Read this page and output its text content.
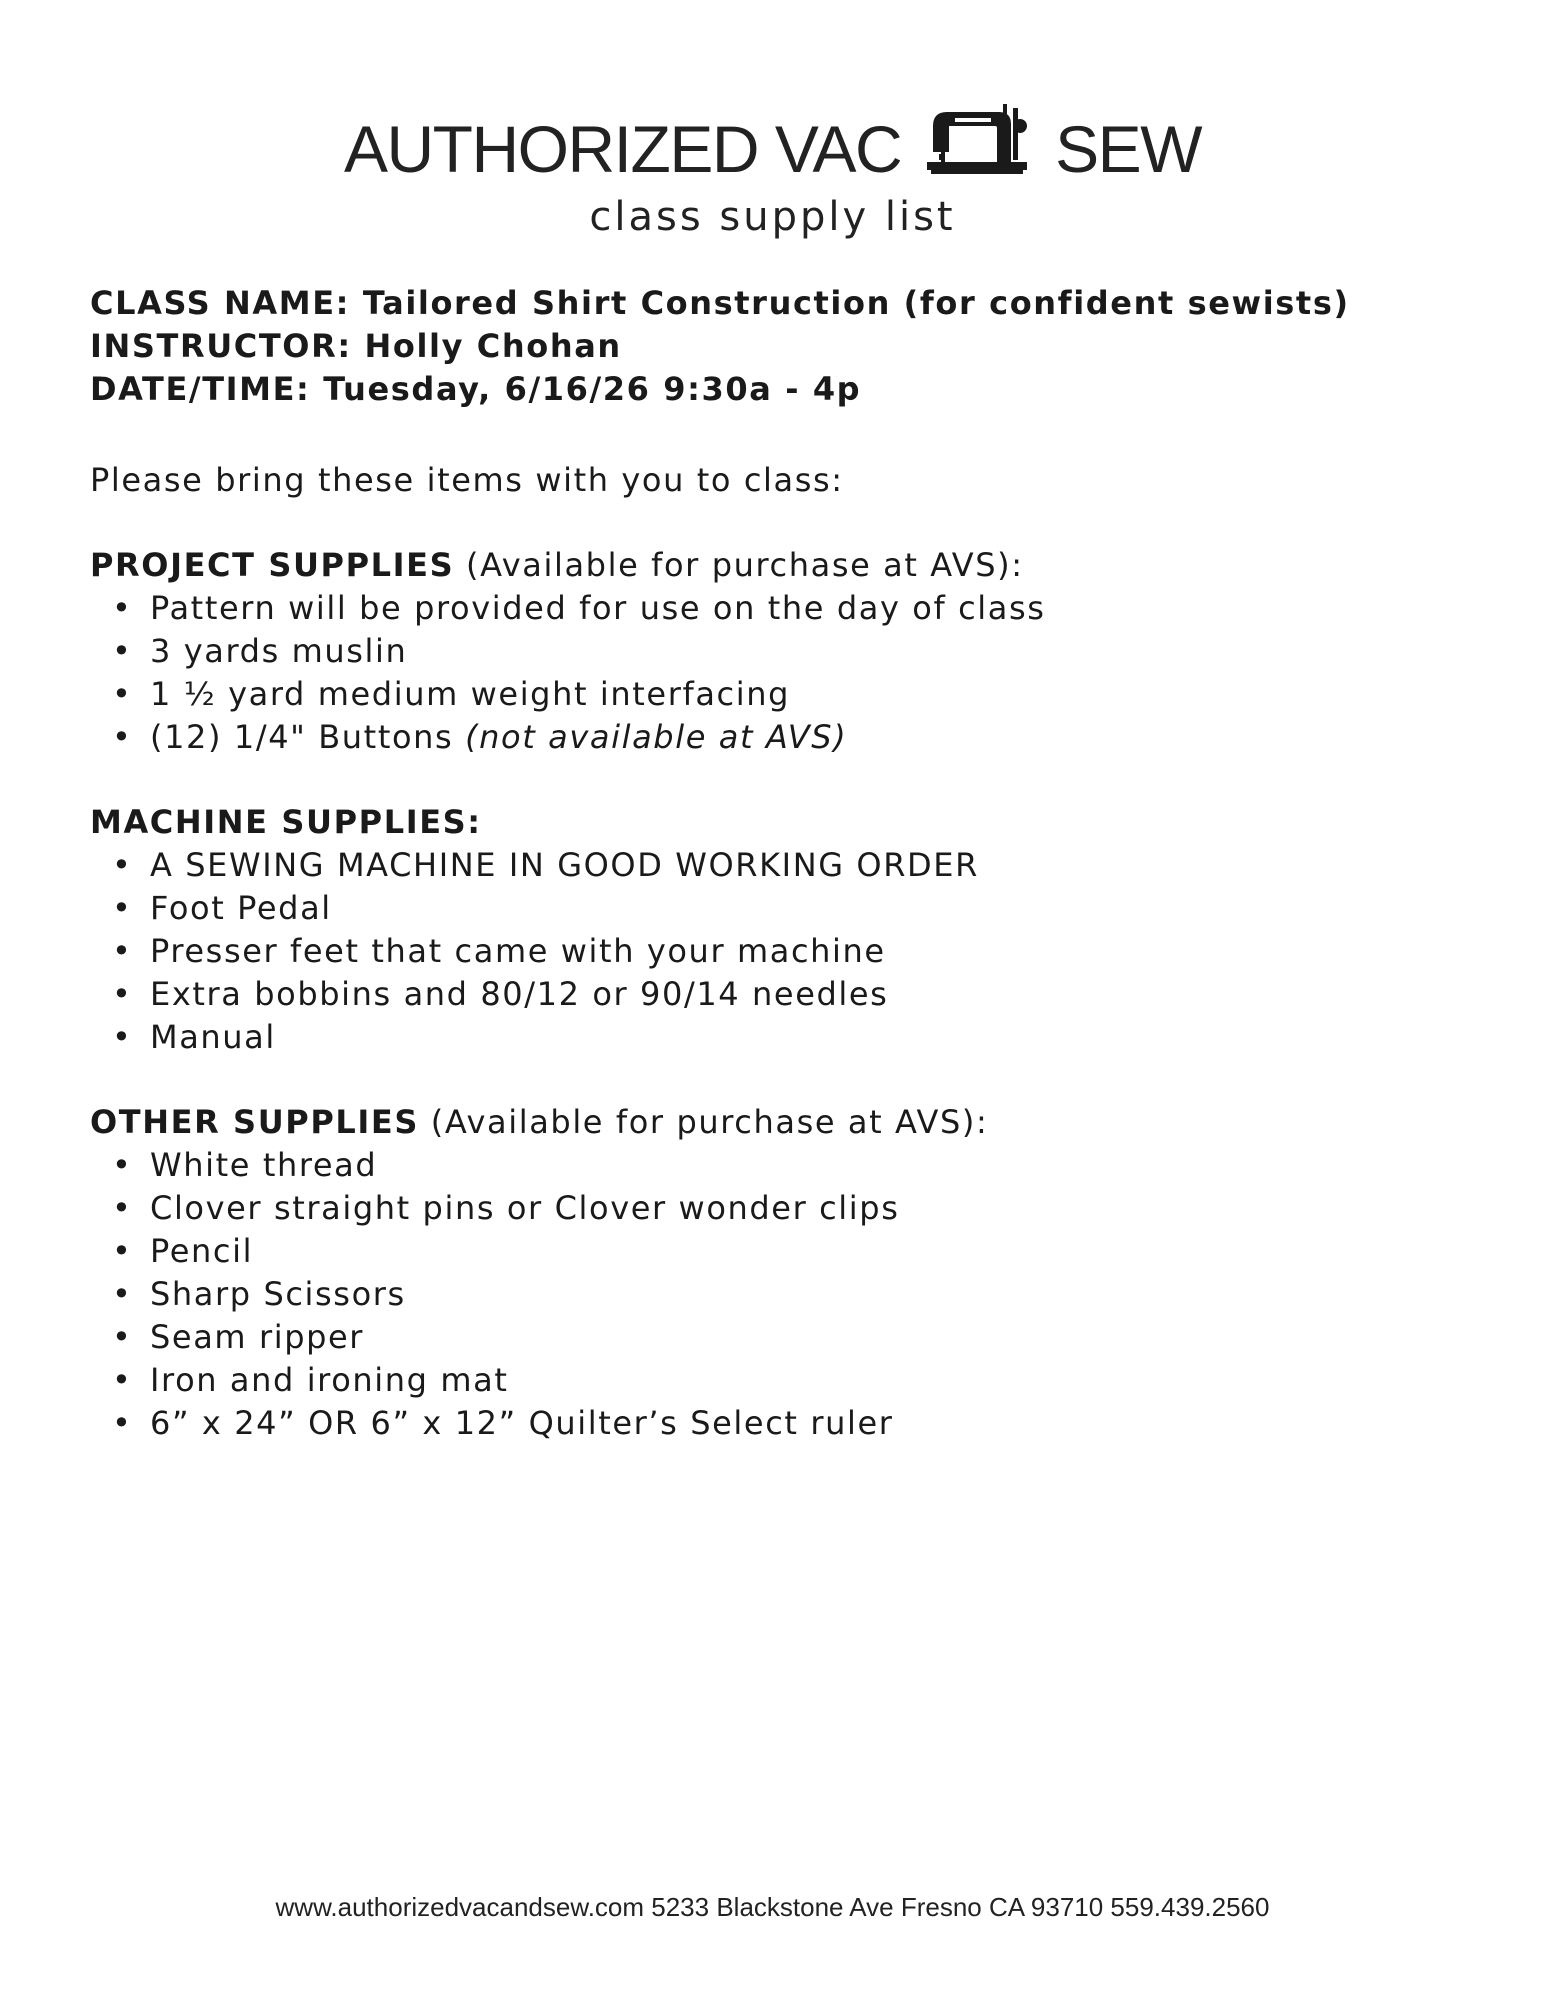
AUTHORIZED VAC SEW
class supply list

CLASS NAME: Tailored Shirt Construction (for confident sewists)

INSTRUCTOR: Holly Chohan

DATE/TIME: Tuesday, 6/16/26 9:30a - 4p

Please bring these items with you to class:

PROJECT SUPPLIES (Available for purchase at AVS):

• Pattern will be provided for use on the day of class
• 3 yards muslin
• 1 ½ yard medium weight interfacing
• (12) 1/4" Buttons (not available at AVS)

MACHINE SUPPLIES:

• A SEWING MACHINE IN GOOD WORKING ORDER
• Foot Pedal
• Presser feet that came with your machine
• Extra bobbins and 80/12 or 90/14 needles
• Manual

OTHER SUPPLIES (Available for purchase at AVS):

• White thread
• Clover straight pins or Clover wonder clips
• Pencil
• Sharp Scissors
• Seam ripper
• Iron and ironing mat
• 6” x 24” OR 6” x 12” Quilter’s Select ruler
www.authorizedvacandsew.com 5233 Blackstone Ave Fresno CA 93710 559.439.2560
